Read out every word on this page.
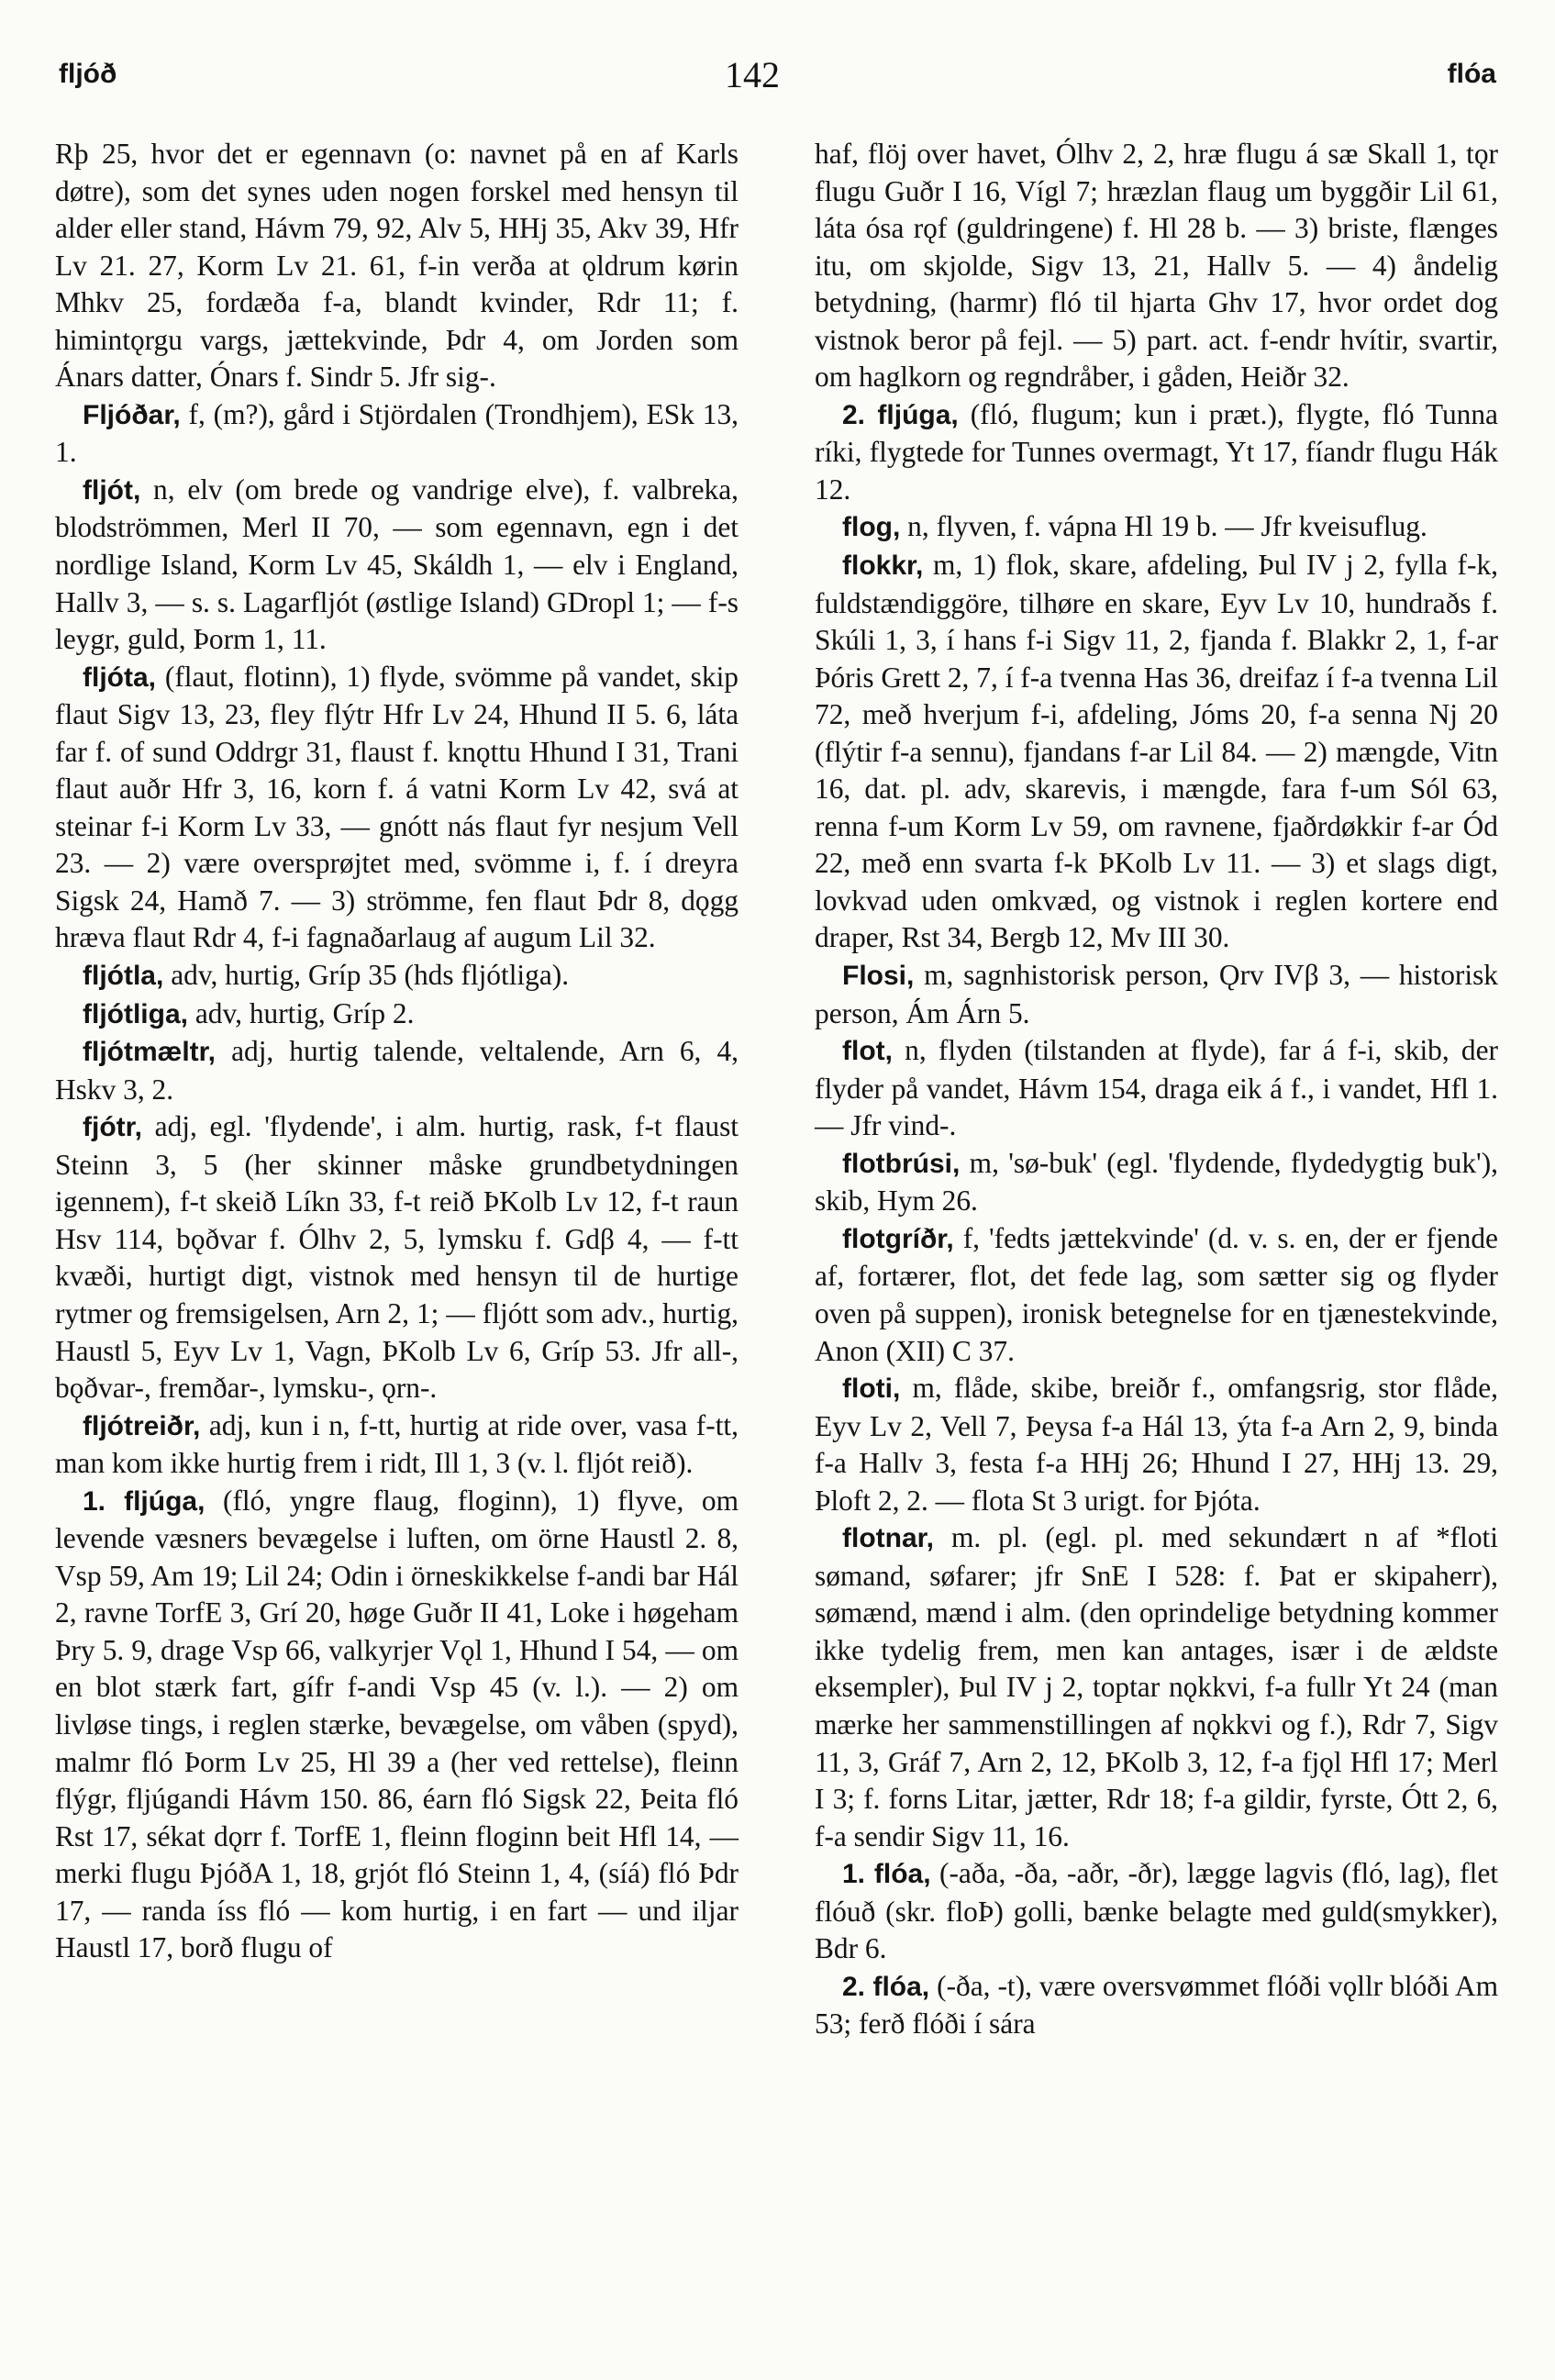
fljóð	142	flóa

Rþ 25, hvor det er egennavn (o: navnet på en af Karls døtre), som det synes uden nogen forskel med hensyn til alder eller stand, Hávm 79, 92, Alv 5, HHj 35, Akv 39, Hfr Lv 21. 27, Korm Lv 21. 61, f-in verða at ǫldrum kørin Mhkv 25, fordæða f-a, blandt kvinder, Rdr 11; f. himintǫrgu vargs, jættekvinde, Þdr 4, om Jorden som Ánars datter, Ónars f. Sindr 5. Jfr sig-.

Fljóðar, f, (m?), gård i Stjördalen (Trondhjem), ESk 13, 1.

fljót, n, elv (om brede og vandrige elve), f. valbreka, blodströmmen, Merl II 70, — som egennavn, egn i det nordlige Island, Korm Lv 45, Skáldh 1, — elv i England, Hallv 3, — s. s. Lagarfljót (østlige Island) GDropl 1; — f-s leygr, guld, Þorm 1, 11.

fljóta, (flaut, flotinn), 1) flyde, svömme på vandet, skip flaut Sigv 13, 23, fley flýtr Hfr Lv 24, Hhund II 5. 6, láta far f. of sund Oddrgr 31, flaust f. knǫttu Hhund I 31, Trani flaut auðr Hfr 3, 16, korn f. á vatni Korm Lv 42, svá at steinar f-i Korm Lv 33, — gnótt nás flaut fyr nesjum Vell 23. — 2) være oversprøjtet med, svömme i, f. í dreyra Sigsk 24, Hamð 7. — 3) strömme, fen flaut Þdr 8, dǫgg hræva flaut Rdr 4, f-i fagnaðarlaug af augum Lil 32.

fljótla, adv, hurtig, Gríp 35 (hds fljótliga).

fljótliga, adv, hurtig, Gríp 2.

fljótmæltr, adj, hurtig talende, veltalende, Arn 6, 4, Hskv 3, 2.

fjótr, adj, egl. 'flydende', i alm. hurtig, rask, f-t flaust Steinn 3, 5 (her skinner måske grundbetydningen igennem), f-t skeið Líkn 33, f-t reið ÞKolb Lv 12, f-t raun Hsv 114, bǫðvar f. Ólhv 2, 5, lymsku f. Gdβ 4, — f-tt kvæði, hurtigt digt, vistnok med hensyn til de hurtige rytmer og fremsigelsen, Arn 2, 1; — fljótt som adv., hurtig, Haustl 5, Eyv Lv 1, Vagn, ÞKolb Lv 6, Gríp 53. Jfr all-, bǫðvar-, fremðar-, lymsku-, ǫrn-.

fljótreiðr, adj, kun i n, f-tt, hurtig at ride over, vasa f-tt, man kom ikke hurtig frem i ridt, Ill 1, 3 (v. l. fljót reið).

1. fljúga, (fló, yngre flaug, floginn), 1) flyve, om levende væsners bevægelse i luften, om örne Haustl 2. 8, Vsp 59, Am 19; Lil 24; Odin i örneskikkelse f-andi bar Hál 2, ravne TorfE 3, Grí 20, høge Guðr II 41, Loke i høgeham Þry 5. 9, drage Vsp 66, valkyrjer Vǫl 1, Hhund I 54, — om en blot stærk fart, gífr f-andi Vsp 45 (v. l.). — 2) om livløse tings, i reglen stærke, bevægelse, om våben (spyd), malmr fló Þorm Lv 25, Hl 39 a (her ved rettelse), fleinn flýgr, fljúgandi Hávm 150. 86, éarn fló Sigsk 22, Þeita fló Rst 17, sékat dǫrr f. TorfE 1, fleinn floginn beit Hfl 14, — merki flugu ÞjóðA 1, 18, grjót fló Steinn 1, 4, (síá) fló Þdr 17, — randa íss fló — kom hurtig, i en fart — und iljar Haustl 17, borð flugu of

haf, flöj over havet, Ólhv 2, 2, hræ flugu á sæ Skall 1, tǫr flugu Guðr I 16, Vígl 7; hræzlan flaug um byggðir Lil 61, láta ósa rǫf (guldringene) f. Hl 28 b. — 3) briste, flænges itu, om skjolde, Sigv 13, 21, Hallv 5. — 4) åndelig betydning, (harmr) fló til hjarta Ghv 17, hvor ordet dog vistnok beror på fejl. — 5) part. act. f-endr hvítir, svartir, om haglkorn og regndråber, i gåden, Heiðr 32.

2. fljúga, (fló, flugum; kun i præt.), flygte, fló Tunna ríki, flygtede for Tunnes overmagt, Yt 17, fíandr flugu Hák 12.

flog, n, flyven, f. vápna Hl 19 b. — Jfr kveisuflug.

flokkr, m, 1) flok, skare, afdeling, Þul IV j 2, fylla f-k, fuldstændiggöre, tilhøre en skare, Eyv Lv 10, hundraðs f. Skúli 1, 3, í hans f-i Sigv 11, 2, fjanda f. Blakkr 2, 1, f-ar Þóris Grett 2, 7, í f-a tvenna Has 36, dreifaz í f-a tvenna Lil 72, með hverjum f-i, afdeling, Jóms 20, f-a senna Nj 20 (flýtir f-a sennu), fjandans f-ar Lil 84. — 2) mængde, Vitn 16, dat. pl. adv, skarevis, i mængde, fara f-um Sól 63, renna f-um Korm Lv 59, om ravnene, fjaðrdøkkir f-ar Ód 22, með enn svarta f-k ÞKolb Lv 11. — 3) et slags digt, lovkvad uden omkvæd, og vistnok i reglen kortere end draper, Rst 34, Bergb 12, Mv III 30.

Flosi, m, sagnhistorisk person, Ǫrv IVβ 3, — historisk person, Ám Árn 5.

flot, n, flyden (tilstanden at flyde), far á f-i, skib, der flyder på vandet, Hávm 154, draga eik á f., i vandet, Hfl 1. — Jfr vind-.

flotbrúsi, m, 'sø-buk' (egl. 'flydende, flydedygtig buk'), skib, Hym 26.

flotgríðr, f, 'fedts jættekvinde' (d. v. s. en, der er fjende af, fortærer, flot, det fede lag, som sætter sig og flyder oven på suppen), ironisk betegnelse for en tjænestekvinde, Anon (XII) C 37.

floti, m, flåde, skibe, breiðr f., omfangsrig, stor flåde, Eyv Lv 2, Vell 7, Þeysa f-a Hál 13, ýta f-a Arn 2, 9, binda f-a Hallv 3, festa f-a HHj 26; Hhund I 27, HHj 13. 29, Þloft 2, 2. — flota St 3 urigt. for Þjóta.

flotnar, m. pl. (egl. pl. med sekundært n af *floti sømand, søfarer; jfr SnE I 528: f. Þat er skipaherr), sømænd, mænd i alm. (den oprindelige betydning kommer ikke tydelig frem, men kan antages, især i de ældste eksempler), Þul IV j 2, toptar nǫkkvi, f-a fullr Yt 24 (man mærke her sammenstillingen af nǫkkvi og f.), Rdr 7, Sigv 11, 3, Gráf 7, Arn 2, 12, ÞKolb 3, 12, f-a fjǫl Hfl 17; Merl I 3; f. forns Litar, jætter, Rdr 18; f-a gildir, fyrste, Ótt 2, 6, f-a sendir Sigv 11, 16.

1. flóa, (-aða, -ða, -aðr, -ðr), lægge lagvis (fló, lag), flet flóuð (skr. floÞ) golli, bænke belagte med guld(smykker), Bdr 6.

2. flóa, (-ða, -t), være oversvømmet flóði vǫllr blóði Am 53; ferð flóði í sára
